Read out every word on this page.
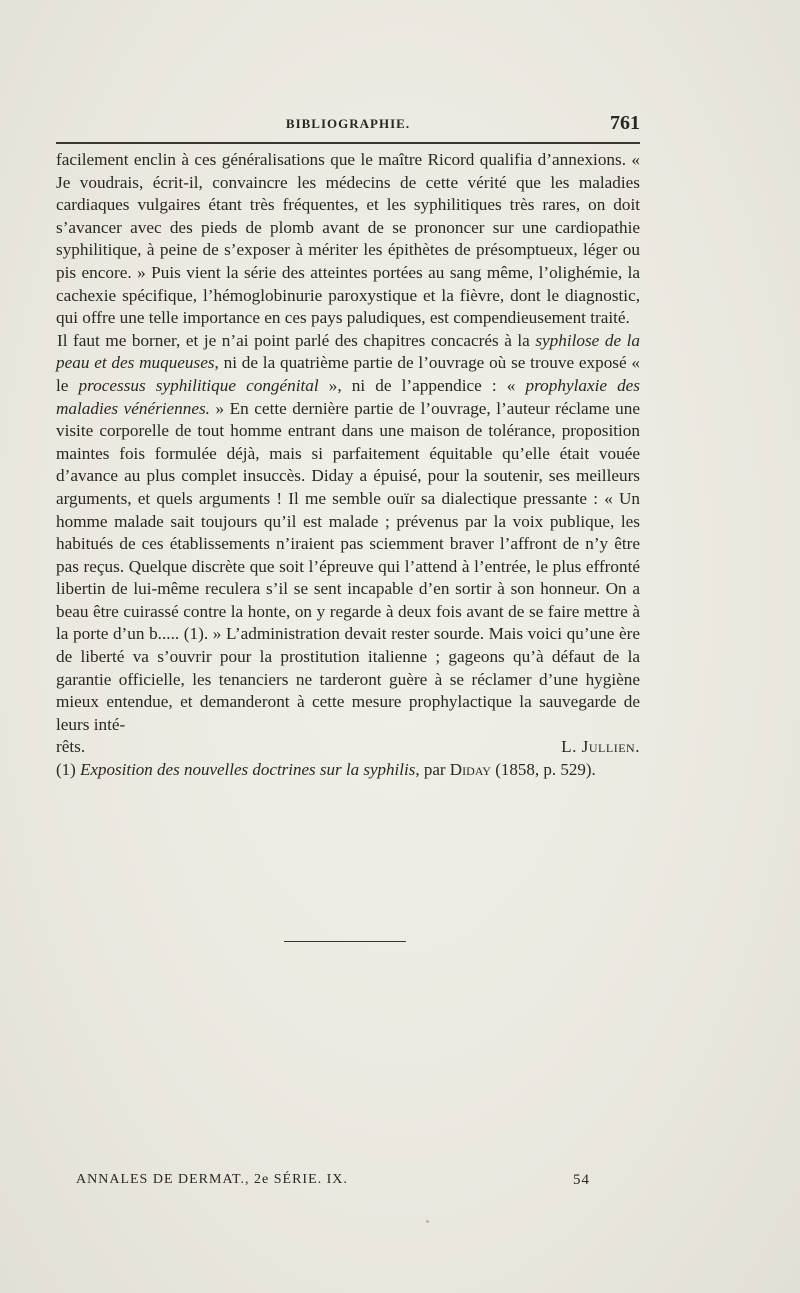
BIBLIOGRAPHIE.	761

facilement enclin à ces généralisations que le maître Ricord qualifia d’annexions. « Je voudrais, écrit-il, convaincre les médecins de cette vérité que les maladies cardiaques vulgaires étant très fréquentes, et les syphilitiques très rares, on doit s’avancer avec des pieds de plomb avant de se prononcer sur une cardiopathie syphilitique, à peine de s’exposer à mériter les épithètes de présomptueux, léger ou pis encore. » Puis vient la série des atteintes portées au sang même, l’olighémie, la cachexie spécifique, l’hémoglobinurie paroxystique et la fièvre, dont le diagnostic, qui offre une telle importance en ces pays paludiques, est compendieusement traité.

Il faut me borner, et je n’ai point parlé des chapitres concacrés à la syphilose de la peau et des muqueuses, ni de la quatrième partie de l’ouvrage où se trouve exposé « le processus syphilitique congénital », ni de l’appendice : « prophylaxie des maladies vénériennes. » En cette dernière partie de l’ouvrage, l’auteur réclame une visite corporelle de tout homme entrant dans une maison de tolérance, proposition maintes fois formulée déjà, mais si parfaitement équitable qu’elle était vouée d’avance au plus complet insuccès. Diday a épuisé, pour la soutenir, ses meilleurs arguments, et quels arguments ! Il me semble ouïr sa dialectique pressante : « Un homme malade sait toujours qu’il est malade ; prévenus par la voix publique, les habitués de ces établissements n’iraient pas sciemment braver l’affront de n’y être pas reçus. Quelque discrète que soit l’épreuve qui l’attend à l’entrée, le plus effronté libertin de lui-même reculera s’il se sent incapable d’en sortir à son honneur. On a beau être cuirassé contre la honte, on y regarde à deux fois avant de se faire mettre à la porte d’un b..... (1). » L’administration devait rester sourde. Mais voici qu’une ère de liberté va s’ouvrir pour la prostitution italienne ; gageons qu’à défaut de la garantie officielle, les tenanciers ne tarderont guère à se réclamer d’une hygiène mieux entendue, et demanderont à cette mesure prophylactique la sauvegarde de leurs inté-

rêts.	L. Jullien.

(1) Exposition des nouvelles doctrines sur la syphilis, par Diday (1858, p. 529).
ANNALES DE DERMAT., 2e SÉRIE. IX.	54
